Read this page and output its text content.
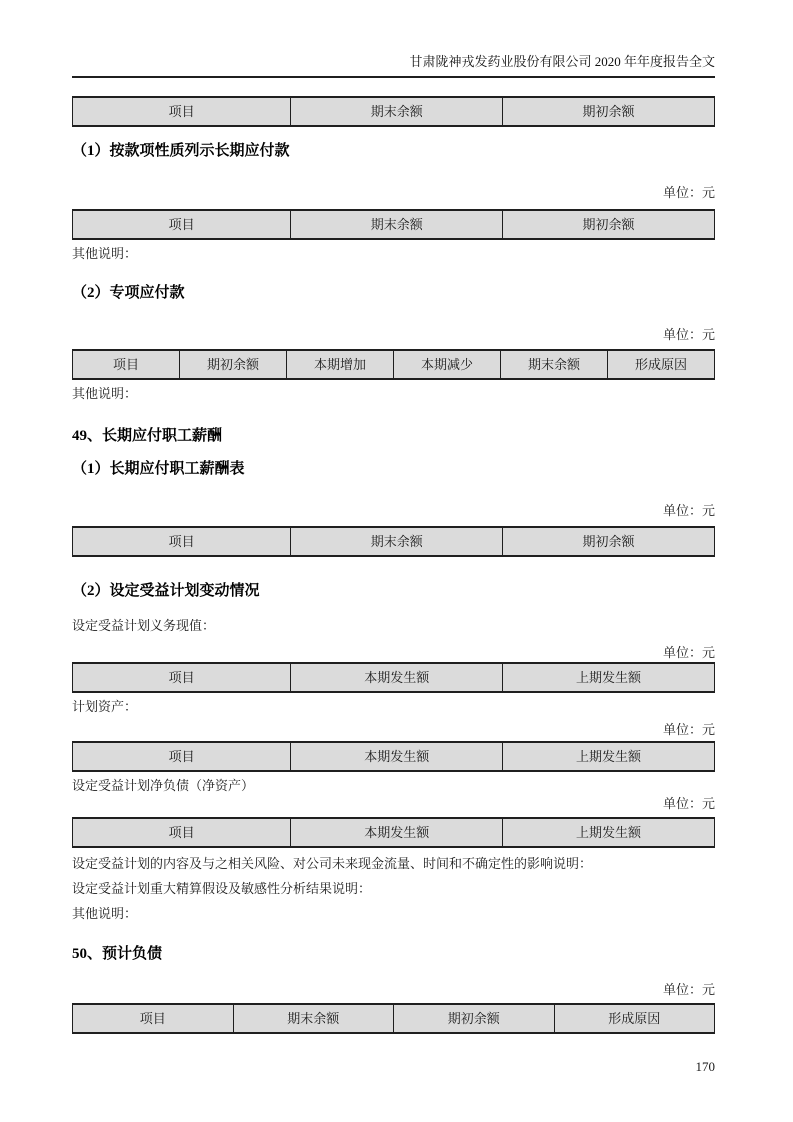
甘肃陇神戎发药业股份有限公司 2020 年年度报告全文
项目	期末余额	期初余额
（1）按款项性质列示长期应付款
单位：元
项目	期末余额	期初余额
其他说明：
（2）专项应付款
单位：元
项目	期初余额	本期增加	本期减少	期末余额	形成原因
其他说明：
49、长期应付职工薪酬
（1）长期应付职工薪酬表
单位：元
项目	期末余额	期初余额
（2）设定受益计划变动情况
设定受益计划义务现值：
单位：元
项目	本期发生额	上期发生额
计划资产：
单位：元
项目	本期发生额	上期发生额
设定受益计划净负债（净资产）
单位：元
项目	本期发生额	上期发生额
设定受益计划的内容及与之相关风险、对公司未来现金流量、时间和不确定性的影响说明：
设定受益计划重大精算假设及敏感性分析结果说明：
其他说明：
50、预计负债
单位：元
项目	期末余额	期初余额	形成原因
170
